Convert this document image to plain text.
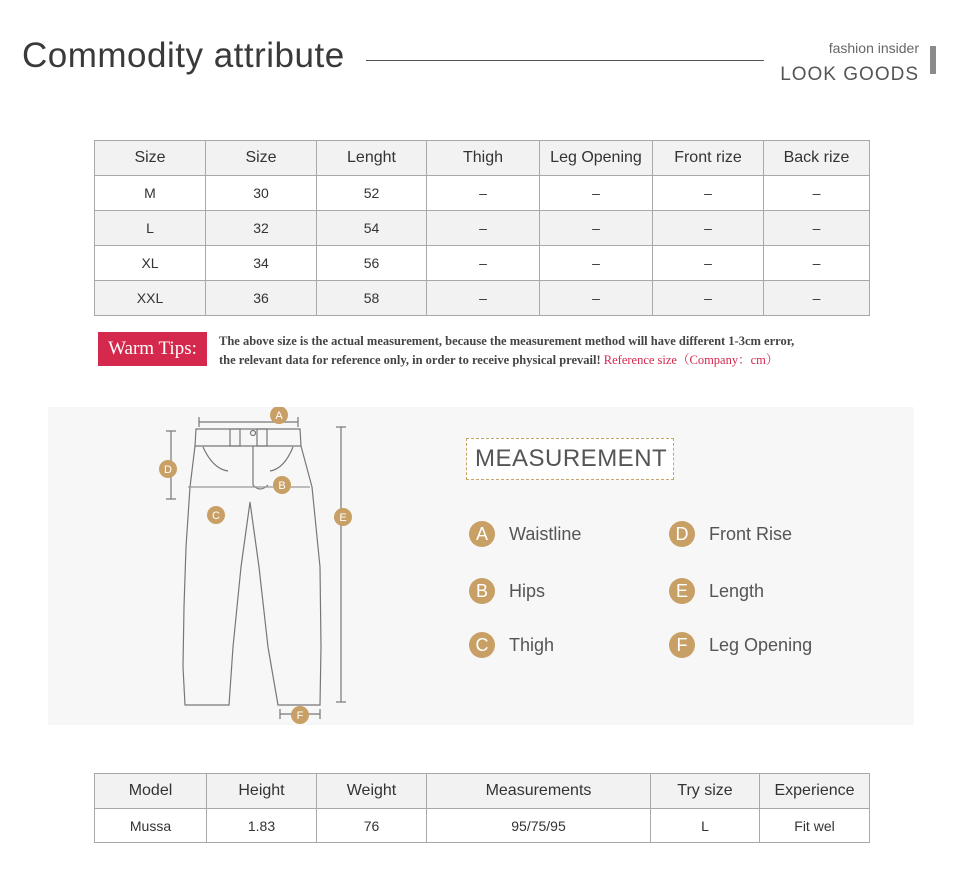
Commodity attribute	fashion insider
LOOK GOODS
Size	Size	Lenght	Thigh	Leg Opening	Front rize	Back rize
M	30	52	–	–	–	–
L	32	54	–	–	–	–
XL	34	56	–	–	–	–
XXL	36	58	–	–	–	–
Warm Tips:	The above size is the actual measurement, because the measurement method will have different 1-3cm error,
the relevant data for reference only, in order to receive physical prevail! Reference size（Company：cm）
A
B
C
D
E
F
MEASUREMENT
A	Waistline	D	Front Rise
B	Hips	E	Length
C	Thigh	F	Leg Opening
Model	Height	Weight	Measurements	Try size	Experience
Mussa	1.83	76	95/75/95	L	Fit wel
